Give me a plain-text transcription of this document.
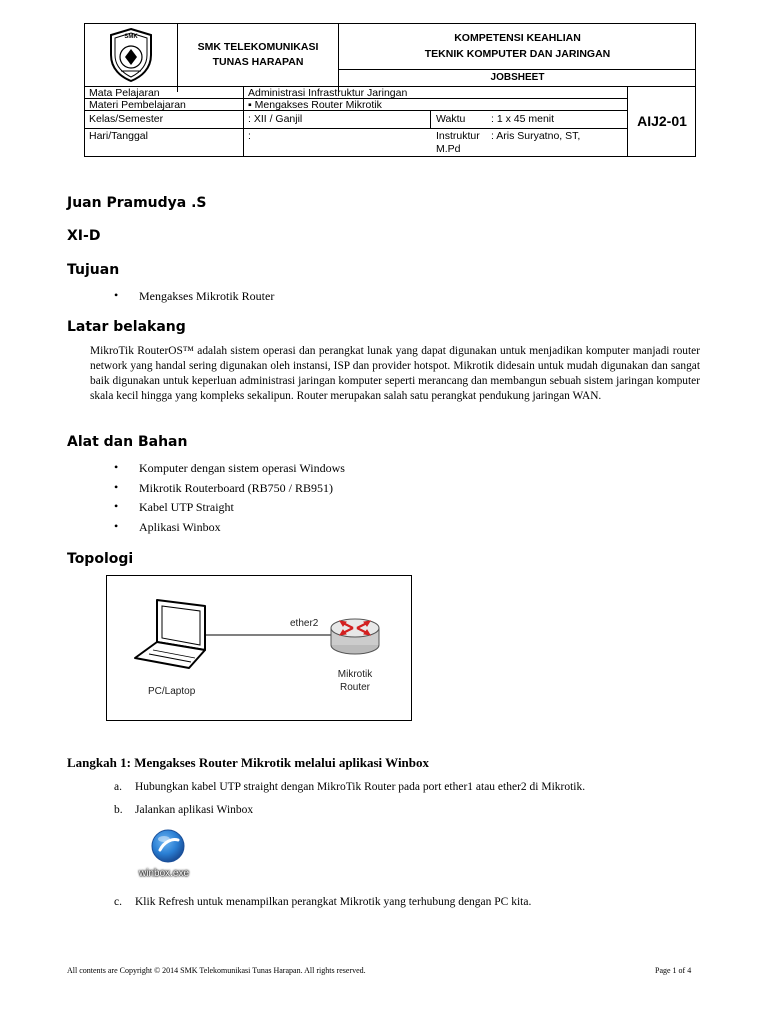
SMK
SMK TELEKOMUNIKASI
TUNAS HARAPAN
KOMPETENSI KEAHLIAN
TEKNIK KOMPUTER DAN JARINGAN
JOBSHEET
AIJ2-01
Mata Pelajaran	Administrasi Infrastruktur Jaringan
Materi Pembelajaran	▪ Mengakses Router Mikrotik
Kelas/Semester	: XII / Ganjil	Waktu : 1 x 45 menit
Hari/Tanggal	:	Instruktur : Aris Suryatno, ST,
M.Pd
Juan Pramudya .S
XI-D
Tujuan
• Mengakses Mikrotik Router
Latar belakang
MikroTik RouterOS™ adalah sistem operasi dan perangkat lunak yang dapat digunakan untuk menjadikan komputer manjadi router network yang handal sering digunakan oleh instansi, ISP dan provider hotspot. Mikrotik didesain untuk mudah digunakan dan sangat baik digunakan untuk keperluan administrasi jaringan komputer seperti merancang dan membangun sebuah sistem jaringan komputer skala kecil hingga yang kompleks sekalipun. Router merupakan salah satu perangkat pendukung jaringan WAN.
Alat dan Bahan
• Komputer dengan sistem operasi Windows
• Mikrotik Routerboard (RB750 / RB951)
• Kabel UTP Straight
• Aplikasi Winbox
Topologi
ether2
PC/Laptop
Mikrotik
Router
Langkah 1: Mengakses Router Mikrotik melalui aplikasi Winbox
a. Hubungkan kabel UTP straight dengan MikroTik Router pada port ether1 atau ether2 di Mikrotik.
b. Jalankan aplikasi Winbox
winbox.exe
c. Klik Refresh untuk menampilkan perangkat Mikrotik yang terhubung dengan PC kita.
All contents are Copyright © 2014 SMK Telekomunikasi Tunas Harapan. All rights reserved.	Page 1 of 4
